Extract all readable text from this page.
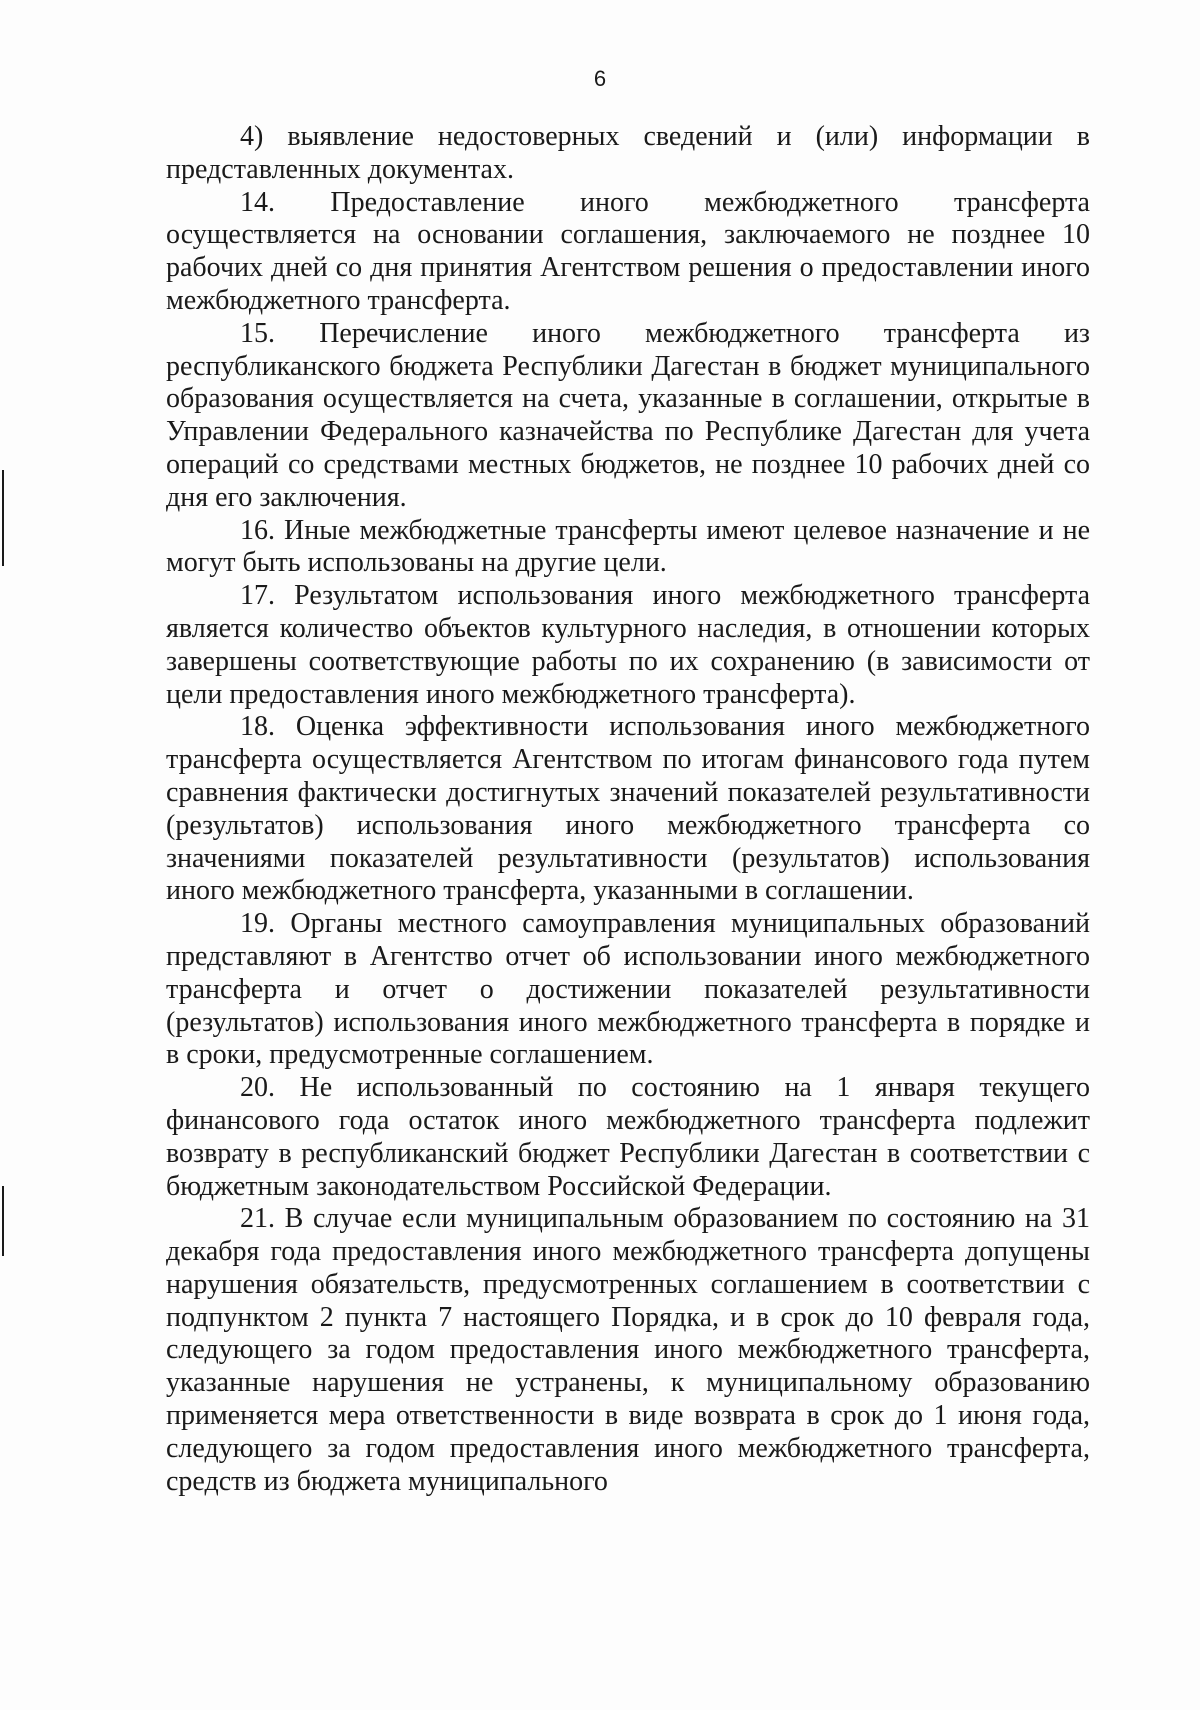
6

4) выявление недостоверных сведений и (или) информации в представленных документах.

14. Предоставление иного межбюджетного трансферта осуществляется на основании соглашения, заключаемого не позднее 10 рабочих дней со дня принятия Агентством решения о предоставлении иного межбюджетного трансферта.

15. Перечисление иного межбюджетного трансферта из республиканского бюджета Республики Дагестан в бюджет муниципального образования осуществляется на счета, указанные в соглашении, открытые в Управлении Федерального казначейства по Республике Дагестан для учета операций со средствами местных бюджетов, не позднее 10 рабочих дней со дня его заключения.

16. Иные межбюджетные трансферты имеют целевое назначение и не могут быть использованы на другие цели.

17. Результатом использования иного межбюджетного трансферта является количество объектов культурного наследия, в отношении которых завершены соответствующие работы по их сохранению (в зависимости от цели предоставления иного межбюджетного трансферта).

18. Оценка эффективности использования иного межбюджетного трансферта осуществляется Агентством по итогам финансового года путем сравнения фактически достигнутых значений показателей результативности (результатов) использования иного межбюджетного трансферта со значениями показателей результативности (результатов) использования иного межбюджетного трансферта, указанными в соглашении.

19. Органы местного самоуправления муниципальных образований представляют в Агентство отчет об использовании иного межбюджетного трансферта и отчет о достижении показателей результативности (результатов) использования иного межбюджетного трансферта в порядке и в сроки, предусмотренные соглашением.

20. Не использованный по состоянию на 1 января текущего финансового года остаток иного межбюджетного трансферта подлежит возврату в республиканский бюджет Республики Дагестан в соответствии с бюджетным законодательством Российской Федерации.

21. В случае если муниципальным образованием по состоянию на 31 декабря года предоставления иного межбюджетного трансферта допущены нарушения обязательств, предусмотренных соглашением в соответствии с подпунктом 2 пункта 7 настоящего Порядка, и в срок до 10 февраля года, следующего за годом предоставления иного межбюджетного трансферта, указанные нарушения не устранены, к муниципальному образованию применяется мера ответственности в виде возврата в срок до 1 июня года, следующего за годом предоставления иного межбюджетного трансферта, средств из бюджета муниципального
